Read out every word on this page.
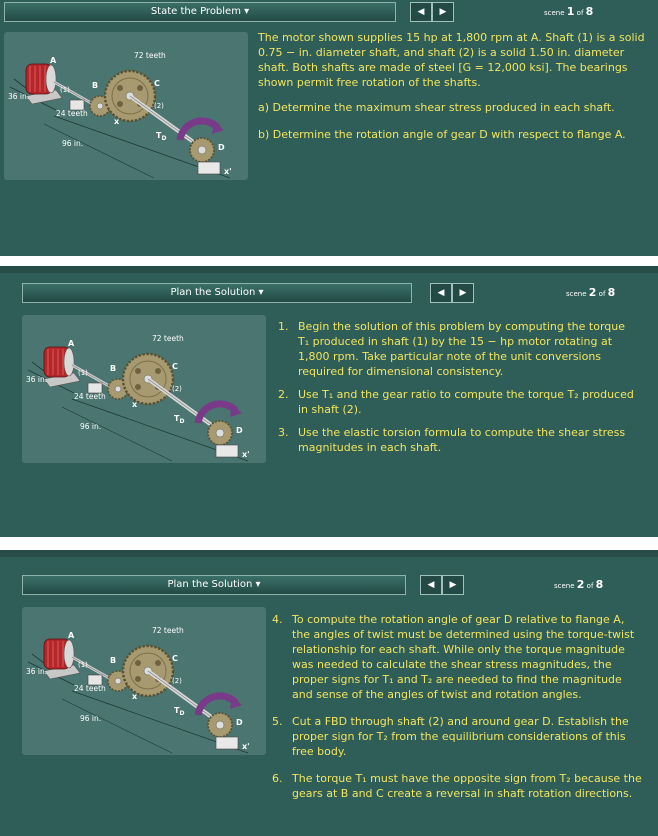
State the Problem ▾	◀	▶	scene 1 of 8
A
B	C
D
x
x'
(1)
(2)
72 teeth
24 teeth
36 in.
96 in.
$T_D$

The motor shown supplies 15 hp at 1,800 rpm at A. Shaft (1) is a solid 0.75 − in. diameter shaft, and shaft (2) is a solid 1.50 in. diameter shaft. Both shafts are made of steel [G = 12,000 ksi]. The bearings shown permit free rotation of the shafts.

a) Determine the maximum shear stress produced in each shaft.

b) Determine the rotation angle of gear D with respect to flange A.

Plan the Solution ▾	◀	▶	scene 2 of 8
A
B	C
D
x
x'
(1)
(2)
72 teeth
24 teeth
36 in.
96 in.
$T_D$
1. Begin the solution of this problem by computing the torque T₁ produced in shaft (1) by the 15 − hp motor rotating at 1,800 rpm. Take particular note of the unit conversions required for dimensional consistency.
2. Use T₁ and the gear ratio to compute the torque T₂ produced in shaft (2).
3. Use the elastic torsion formula to compute the shear stress magnitudes in each shaft.
Plan the Solution ▾	◀	▶	scene 2 of 8
A
B	C
D
x
x'
(1)
(2)
72 teeth
24 teeth
36 in.
96 in.
$T_D$
4. To compute the rotation angle of gear D relative to flange A, the angles of twist must be determined using the torque-twist relationship for each shaft. While only the torque magnitude was needed to calculate the shear stress magnitudes, the proper signs for T₁ and T₂ are needed to find the magnitude and sense of the angles of twist and rotation angles.
5. Cut a FBD through shaft (2) and around gear D. Establish the proper sign for T₂ from the equilibrium considerations of this free body.
6. The torque T₁ must have the opposite sign from T₂ because the gears at B and C create a reversal in shaft rotation directions.
